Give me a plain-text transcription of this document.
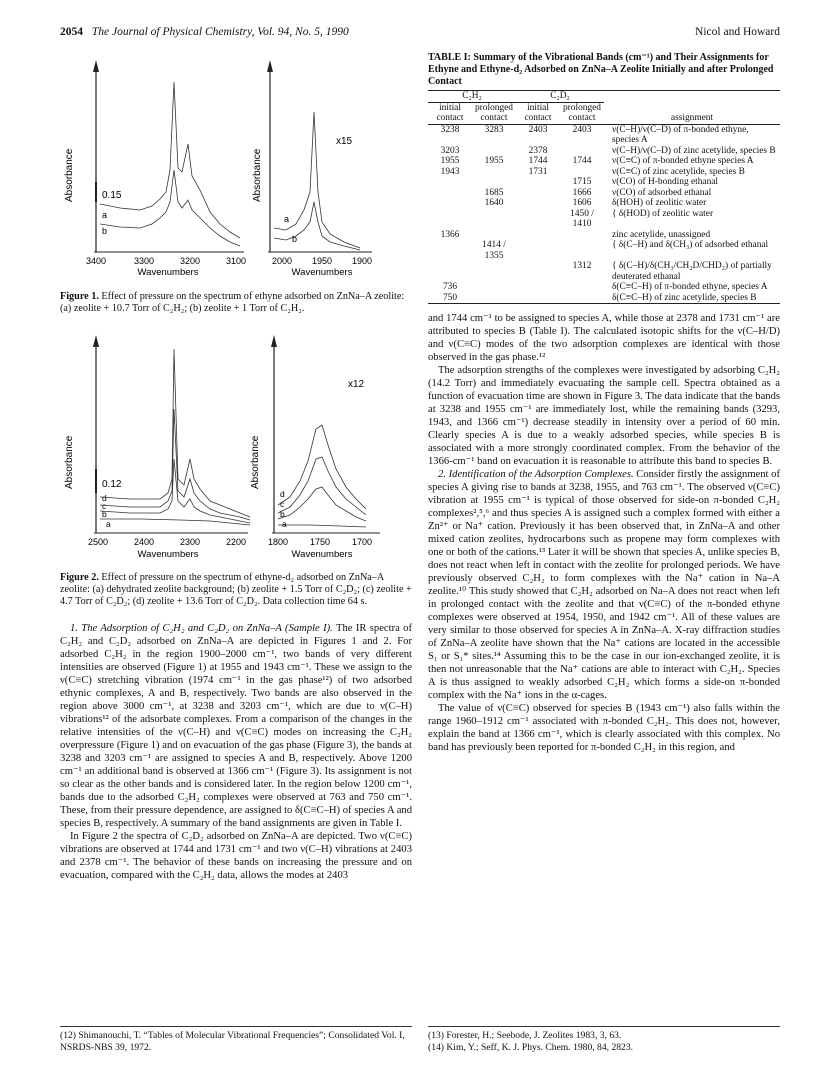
2054 The Journal of Physical Chemistry, Vol. 94, No. 5, 1990	Nicol and Howard
Absorbance	0.15
a
b
3400	3300	3200	3100
Wavenumbers
Absorbance
x15
a
b
2000 1950 1900
Wavenumbers
Figure 1. Effect of pressure on the spectrum of ethyne adsorbed on ZnNa–A zeolite: (a) zeolite + 10.7 Torr of C₂H₂; (b) zeolite + 1 Torr of C₂H₂.
Absorbance	0.12
d
c
b
a
2500	2400	2300	2200
Wavenumbers
Absorbance
x12
d
c
b
a
1800 1750 1700
Wavenumbers
Figure 2. Effect of pressure on the spectrum of ethyne-d₂ adsorbed on ZnNa–A zeolite: (a) dehydrated zeolite background; (b) zeolite + 1.5 Torr of C₂D₂; (c) zeolite + 4.7 Torr of C₂D₂; (d) zeolite + 13.6 Torr of C₂D₂. Data collection time 64 s.

1. The Adsorption of C₂H₂ and C₂D₂ on ZnNa–A (Sample I). The IR spectra of C₂H₂ and C₂D₂ adsorbed on ZnNa–A are depicted in Figures 1 and 2. For adsorbed C₂H₂ in the region 1900–2000 cm⁻¹, two bands of very different intensities are observed (Figure 1) at 1955 and 1943 cm⁻¹. These we assign to the ν(C≡C) stretching vibration (1974 cm⁻¹ in the gas phase¹²) of two adsorbed ethynic complexes, A and B, respectively. Two bands are also observed in the region above 3000 cm⁻¹, at 3238 and 3203 cm⁻¹, which are due to ν(C–H) vibrations¹² of the adsorbate complexes. From a comparison of the changes in the relative intensities of the ν(C–H) and ν(C≡C) modes on increasing the C₂H₂ overpressure (Figure 1) and on evacuation of the gas phase (Figure 3), the bands at 3238 and 3203 cm⁻¹ are assigned to species A and B, respectively. Above 1200 cm⁻¹ an additional band is observed at 1366 cm⁻¹ (Figure 3). Its assignment is not so clear as the other bands and is considered later. In the region below 1200 cm⁻¹, bands due to the adsorbed C₂H₂ complexes were observed at 763 and 750 cm⁻¹. These, from their pressure dependence, are assigned to δ(C≡C–H) of species A and species B, respectively. A summary of the band assignments are given in Table I.

In Figure 2 the spectra of C₂D₂ adsorbed on ZnNa–A are depicted. Two ν(C≡C) vibrations are observed at 1744 and 1731 cm⁻¹ and two ν(C–H) vibrations at 2403 and 2378 cm⁻¹. The behavior of these bands on increasing the pressure and on evacuation, compared with the C₂H₂ data, allows the modes at 2403

TABLE I: Summary of the Vibrational Bands (cm⁻¹) and Their Assignments for Ethyne and Ethyne-d₂ Adsorbed on ZnNa–A Zeolite Initially and after Prolonged Contact
C₂H₂		C₂D₂		
initial contact	prolonged contact	initial contact	prolonged contact	assignment
3238	3283	2403	2403	ν(C–H)/ν(C–D) of π-bonded ethyne, species A
3203		2378		ν(C–H)/ν(C–D) of zinc acetylide, species B
1955	1955	1744	1744	ν(C≡C) of π-bonded ethyne species A
1943		1731		ν(C≡C) of zinc acetylide, species B
			1715	ν(CO) of H-bonding ethanal
	1685		1666	ν(CO) of adsorbed ethanal
	1640		1606	δ(HOH) of zeolitic water
			1450 / 1410	{ δ(HOD) of zeolitic water
1366				zinc acetylide, unassigned
	1414 / 1355			{ δ(C–H) and δ(CH₃) of adsorbed ethanal
			1312	{ δ(C–H)/δ(CH₃/CH₂D/CHD₂) of partially deuterated ethanal
736				δ(C≡C–H) of π-bonded ethyne, species A
750				δ(C≡C–H) of zinc acetylide, species B

and 1744 cm⁻¹ to be assigned to species A, while those at 2378 and 1731 cm⁻¹ are attributed to species B (Table I). The calculated isotopic shifts for the ν(C–H/D) and ν(C≡C) modes of the two adsorption complexes are identical with those observed in the gas phase.¹²

The adsorption strengths of the complexes were investigated by adsorbing C₂H₂ (14.2 Torr) and immediately evacuating the sample cell. Spectra obtained as a function of evacuation time are shown in Figure 3. The data indicate that the bands at 3238 and 1955 cm⁻¹ are immediately lost, while the remaining bands (3293, 1943, and 1366 cm⁻¹) decrease steadily in intensity over a period of 60 min. Clearly species A is due to a weakly adsorbed species, while species B is associated with a more strongly coordinated complex. From the behavior of the 1366-cm⁻¹ band on evacuation it is reasonable to attribute this band to species B.

2. Identification of the Adsorption Complexes. Consider firstly the assignment of species A giving rise to bands at 3238, 1955, and 763 cm⁻¹. The observed ν(C≡C) vibration at 1955 cm⁻¹ is typical of those observed for side-on π-bonded C₂H₂ complexes²,⁵,⁶ and thus species A is assigned such a complex formed with either a Zn²⁺ or Na⁺ cation. Previously it has been observed that, in ZnNa–A and other mixed cation zeolites, hydrocarbons such as propene may form complexes with one or both of the cations.¹³ Later it will be shown that species A, unlike species B, does not react when left in contact with the zeolite for prolonged periods. We have previously observed C₂H₂ to form complexes with the Na⁺ cation in Na–A zeolite.¹⁰ This study showed that C₂H₂ adsorbed on Na–A does not react when left in prolonged contact with the zeolite and that ν(C≡C) of the π-bonded ethyne complexes were observed at 1954, 1950, and 1942 cm⁻¹. All of these values are very similar to those observed for species A in ZnNa–A. X-ray diffraction studies of ZnNa–A zeolite have shown that the Na⁺ cations are located in the accessible S₁ or S₁* sites.¹⁴ Assuming this to be the case in our ion-exchanged zeolite, it is then not unreasonable that the Na⁺ cations are able to interact with C₂H₂. Species A is thus assigned to weakly adsorbed C₂H₂ which forms a side-on π-bonded complex with the Na⁺ ions in the α-cages.

The value of ν(C≡C) observed for species B (1943 cm⁻¹) also falls within the range 1960–1912 cm⁻¹ associated with π-bonded C₂H₂. This does not, however, explain the band at 1366 cm⁻¹, which is clearly associated with this complex. No band has previously been reported for π-bonded C₂H₂ in this region, and

(12) Shimanouchi, T. “Tables of Molecular Vibrational Frequencies”; Consolidated Vol. I, NSRDS-NBS 39, 1972.
(13) Forester, H.; Seebode, J. Zeolites 1983, 3, 63.
(14) Kim, Y.; Seff, K. J. Phys. Chem. 1980, 84, 2823.
